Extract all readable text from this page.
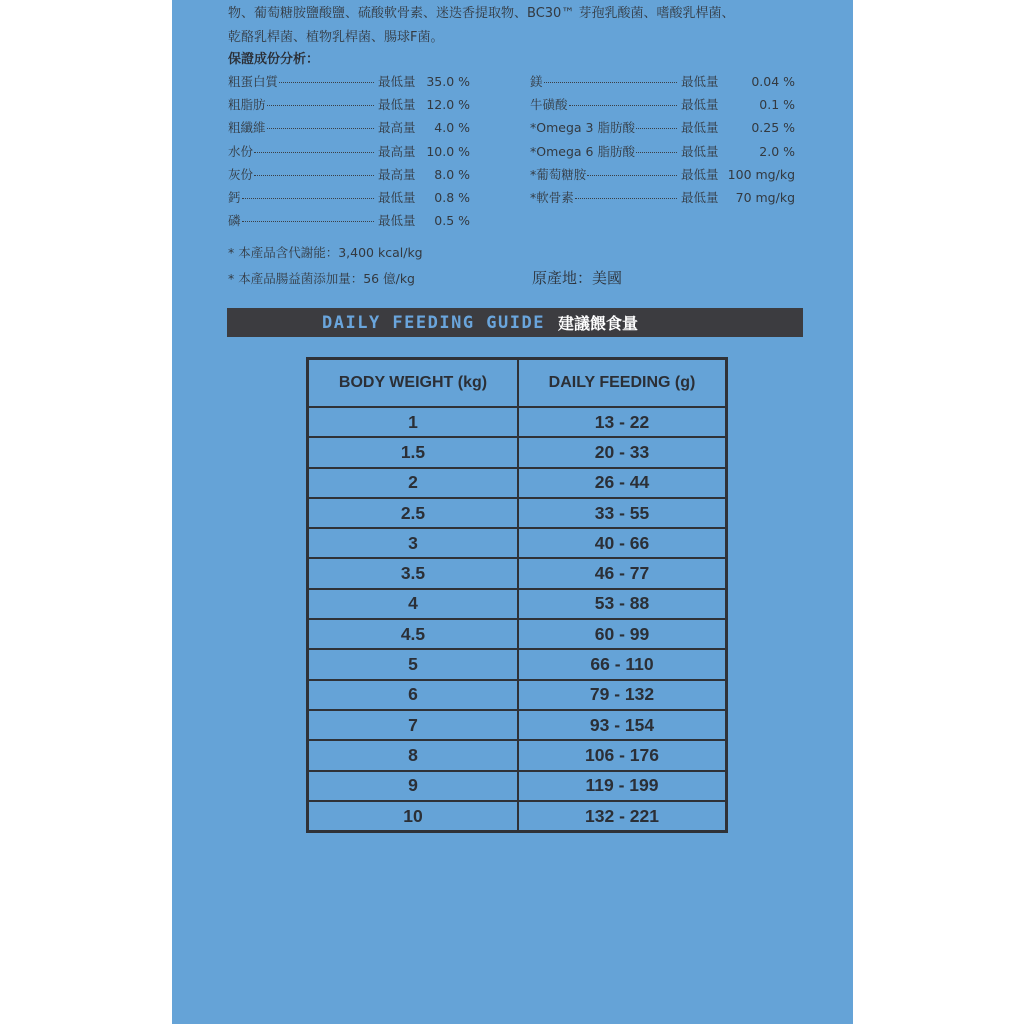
物、葡萄糖胺鹽酸鹽、硫酸軟骨素、迷迭香提取物、BC30™ 芽孢乳酸菌、嗜酸乳桿菌、
乾酪乳桿菌、植物乳桿菌、腸球F菌。
保證成份分析：
粗蛋白質	最低量 35.0 %
粗脂肪	最低量 12.0 %
粗纖維	最高量	4.0 %
水份	最高量 10.0 %
灰份	最高量	8.0 %
鈣	最低量	0.8 %
磷	最低量	0.5 %
鎂	最低量	0.04 %
牛磺酸	最低量	0.1 %
*Omega 3 脂肪酸	最低量	0.25 %
*Omega 6 脂肪酸	最低量	2.0 %
*葡萄糖胺	最低量 100 mg/kg
*軟骨素	最低量	70 mg/kg
* 本產品含代謝能：3,400 kcal/kg
* 本產品腸益菌添加量：56 億/kg	原產地：美國
DAILY FEEDING GUIDE 建議餵食量
BODY WEIGHT (kg)	DAILY FEEDING (g)
1	13 - 22
1.5	20 - 33
2	26 - 44
2.5	33 - 55
3	40 - 66
3.5	46 - 77
4	53 - 88
4.5	60 - 99
5	66 - 110
6	79 - 132
7	93 - 154
8	106 - 176
9	119 - 199
10	132 - 221
